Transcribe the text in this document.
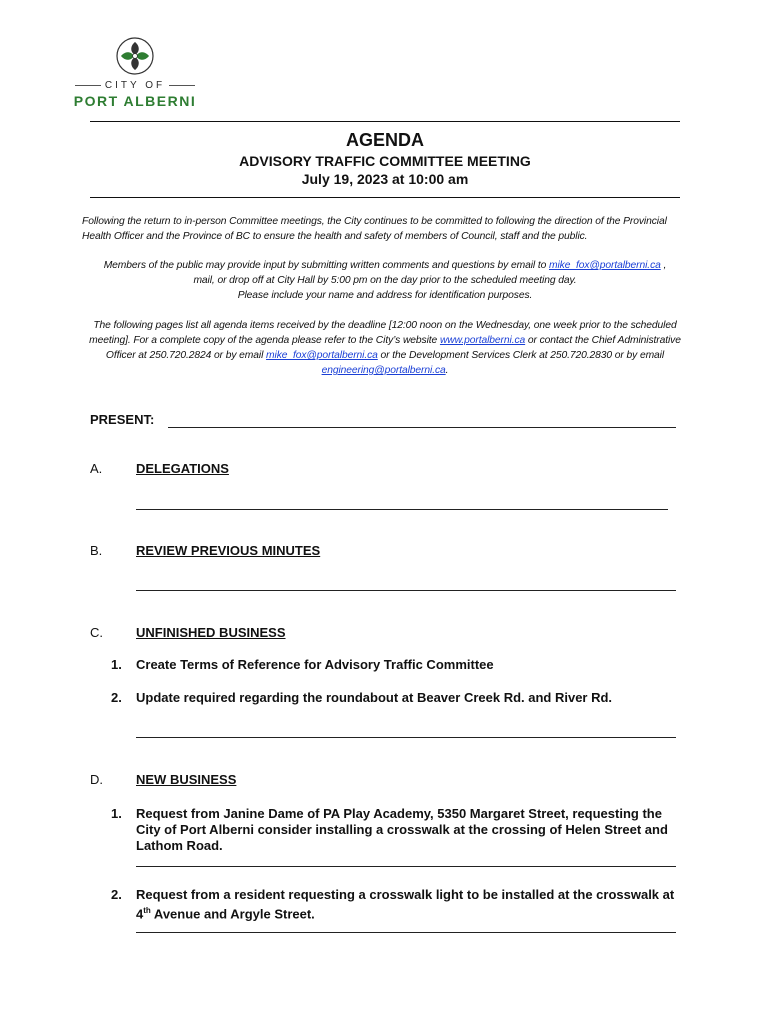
CITY OF
PORT ALBERNI

AGENDA

ADVISORY TRAFFIC COMMITTEE MEETING

July 19, 2023 at 10:00 am

Following the return to in-person Committee meetings, the City continues to be committed to following the direction of the Provincial Health Officer and the Province of BC to ensure the health and safety of members of Council, staff and the public.
Members of the public may provide input by submitting written comments and questions by email to mike_fox@portalberni.ca ,
mail, or drop off at City Hall by 5:00 pm on the day prior to the scheduled meeting day.
Please include your name and address for identification purposes.
The following pages list all agenda items received by the deadline [12:00 noon on the Wednesday, one week prior to the scheduled meeting]. For a complete copy of the agenda please refer to the City’s website www.portalberni.ca or contact the Chief Administrative Officer at 250.720.2824 or by email mike_fox@portalberni.ca or the Development Services Clerk at 250.720.2830 or by email engineering@portalberni.ca.
PRESENT:
A.	DELEGATIONS
B.	REVIEW PREVIOUS MINUTES
C.	UNFINISHED BUSINESS
1. Create Terms of Reference for Advisory Traffic Committee
2. Update required regarding the roundabout at Beaver Creek Rd. and River Rd.
D.	NEW BUSINESS
1. Request from Janine Dame of PA Play Academy, 5350 Margaret Street, requesting the City of Port Alberni consider installing a crosswalk at the crossing of Helen Street and Lathom Road.
2. Request from a resident requesting a crosswalk light to be installed at the crosswalk at 4th Avenue and Argyle Street.
